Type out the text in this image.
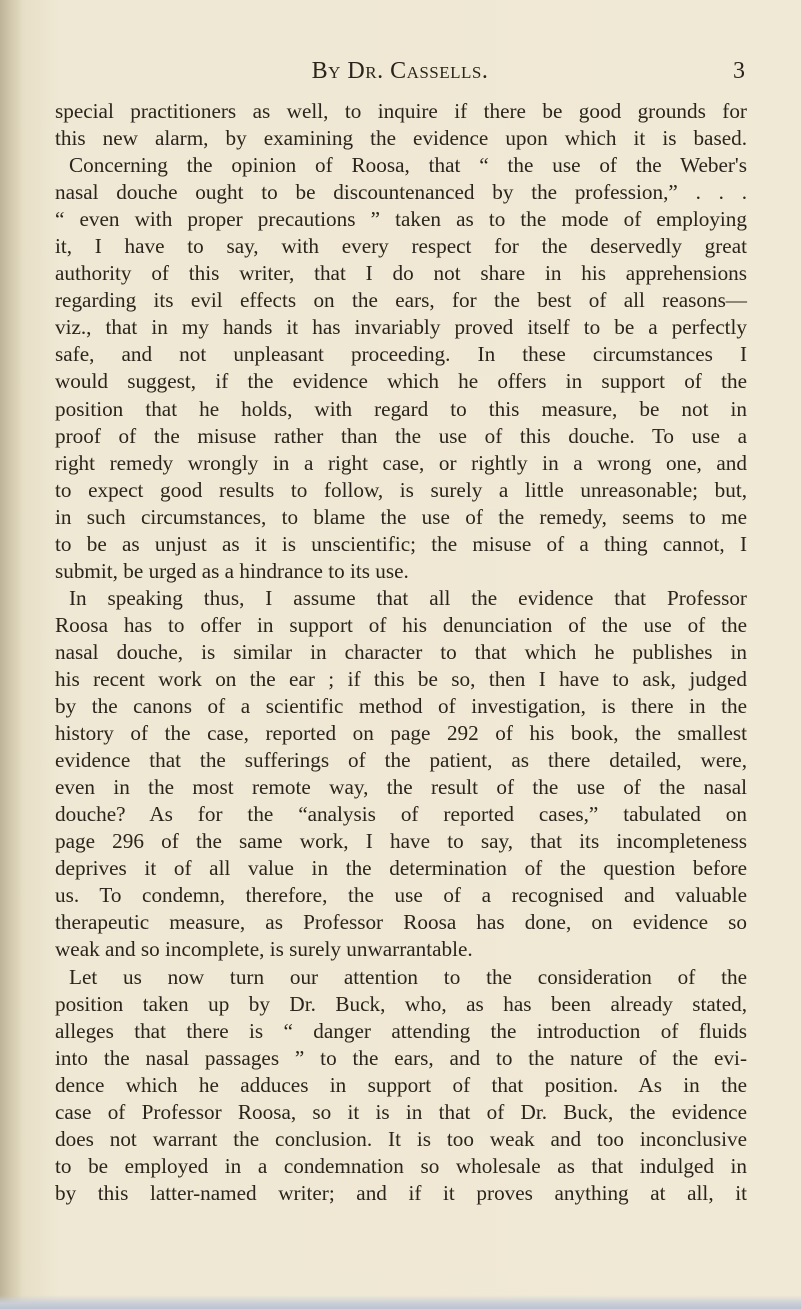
By Dr. Cassells.	3
special practitioners as well, to inquire if there be good grounds for
this new alarm, by examining the evidence upon which it is based.
Concerning the opinion of Roosa, that “ the use of the Weber's
nasal douche ought to be discountenanced by the profession,” . . .
“ even with proper precautions ” taken as to the mode of employing
it, I have to say, with every respect for the deservedly great
authority of this writer, that I do not share in his apprehensions
regarding its evil effects on the ears, for the best of all reasons—
viz., that in my hands it has invariably proved itself to be a perfectly
safe, and not unpleasant proceeding. In these circumstances I
would suggest, if the evidence which he offers in support of the
position that he holds, with regard to this measure, be not in
proof of the misuse rather than the use of this douche. To use a
right remedy wrongly in a right case, or rightly in a wrong one, and
to expect good results to follow, is surely a little unreasonable; but,
in such circumstances, to blame the use of the remedy, seems to me
to be as unjust as it is unscientific; the misuse of a thing cannot, I
submit, be urged as a hindrance to its use.
In speaking thus, I assume that all the evidence that Professor
Roosa has to offer in support of his denunciation of the use of the
nasal douche, is similar in character to that which he publishes in
his recent work on the ear ; if this be so, then I have to ask, judged
by the canons of a scientific method of investigation, is there in the
history of the case, reported on page 292 of his book, the smallest
evidence that the sufferings of the patient, as there detailed, were,
even in the most remote way, the result of the use of the nasal
douche? As for the “analysis of reported cases,” tabulated on
page 296 of the same work, I have to say, that its incompleteness
deprives it of all value in the determination of the question before
us. To condemn, therefore, the use of a recognised and valuable
therapeutic measure, as Professor Roosa has done, on evidence so
weak and so incomplete, is surely unwarrantable.
Let us now turn our attention to the consideration of the
position taken up by Dr. Buck, who, as has been already stated,
alleges that there is “ danger attending the introduction of fluids
into the nasal passages ” to the ears, and to the nature of the evi-
dence which he adduces in support of that position. As in the
case of Professor Roosa, so it is in that of Dr. Buck, the evidence
does not warrant the conclusion. It is too weak and too inconclusive
to be employed in a condemnation so wholesale as that indulged in
by this latter-named writer; and if it proves anything at all, it
